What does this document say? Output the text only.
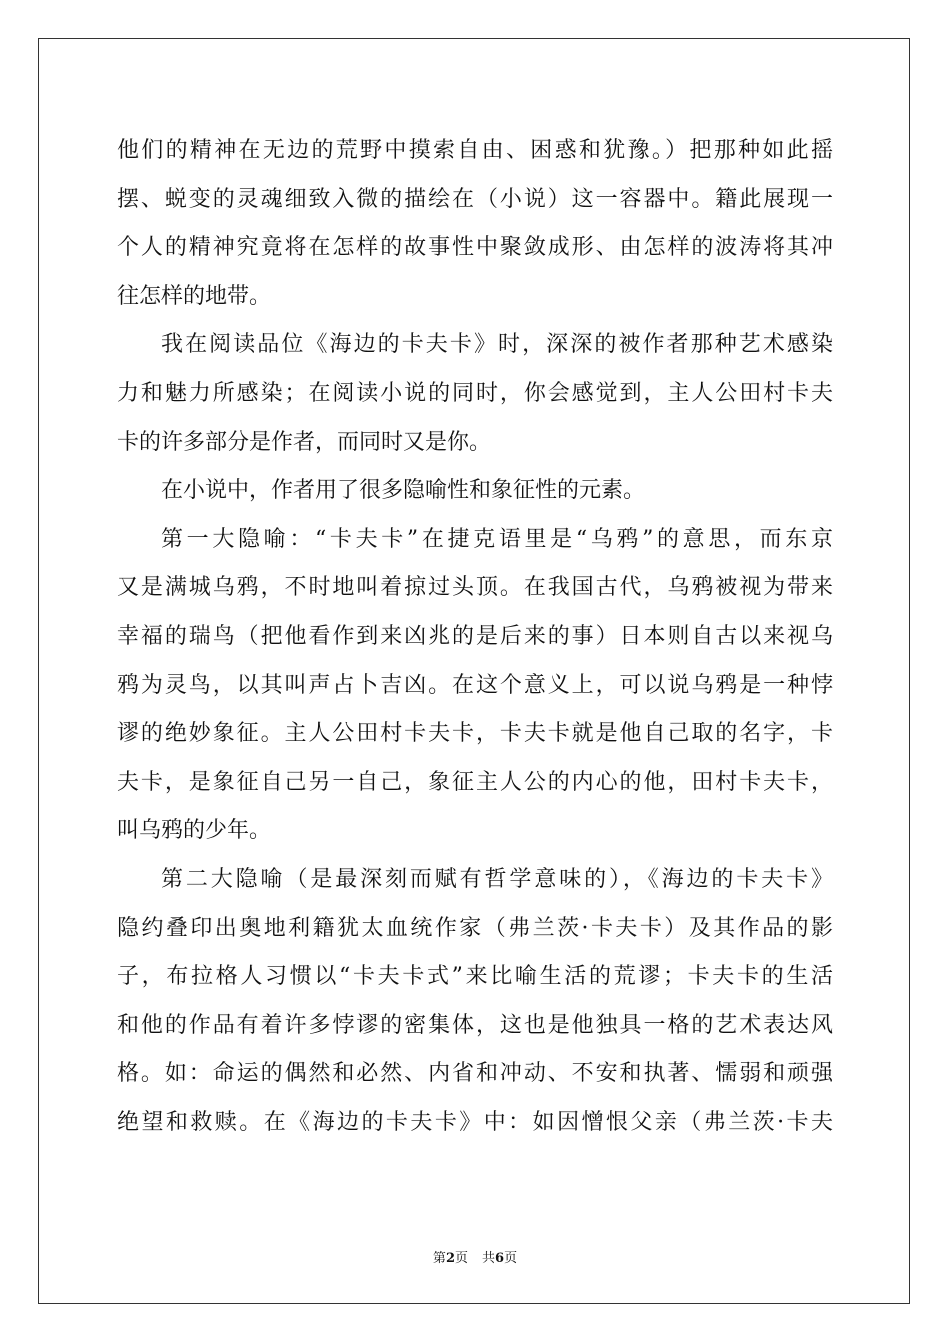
他们的精神在无边的荒野中摸索自由、困惑和犹豫。）把那种如此摇
摆、蜕变的灵魂细致入微的描绘在（小说）这一容器中。籍此展现一
个人的精神究竟将在怎样的故事性中聚敛成形、由怎样的波涛将其冲
往怎样的地带。
我在阅读品位《海边的卡夫卡》时，深深的被作者那种艺术感染
力和魅力所感染；在阅读小说的同时，你会感觉到，主人公田村卡夫
卡的许多部分是作者，而同时又是你。
在小说中，作者用了很多隐喻性和象征性的元素。
第一大隐喻：“卡夫卡”在捷克语里是“乌鸦”的意思，而东京
又是满城乌鸦，不时地叫着掠过头顶。在我国古代，乌鸦被视为带来
幸福的瑞鸟（把他看作到来凶兆的是后来的事）日本则自古以来视乌
鸦为灵鸟，以其叫声占卜吉凶。在这个意义上，可以说乌鸦是一种悖
谬的绝妙象征。主人公田村卡夫卡，卡夫卡就是他自己取的名字，卡
夫卡，是象征自己另一自己，象征主人公的内心的他，田村卡夫卡，
叫乌鸦的少年。
第二大隐喻（是最深刻而赋有哲学意味的），《海边的卡夫卡》
隐约叠印出奥地利籍犹太血统作家（弗兰茨·卡夫卡）及其作品的影
子，布拉格人习惯以“卡夫卡式”来比喻生活的荒谬；卡夫卡的生活
和他的作品有着许多悖谬的密集体，这也是他独具一格的艺术表达风
格。如：命运的偶然和必然、内省和冲动、不安和执著、懦弱和顽强
绝望和救赎。在《海边的卡夫卡》中：如因憎恨父亲（弗兰茨·卡夫
第2页 共6页
